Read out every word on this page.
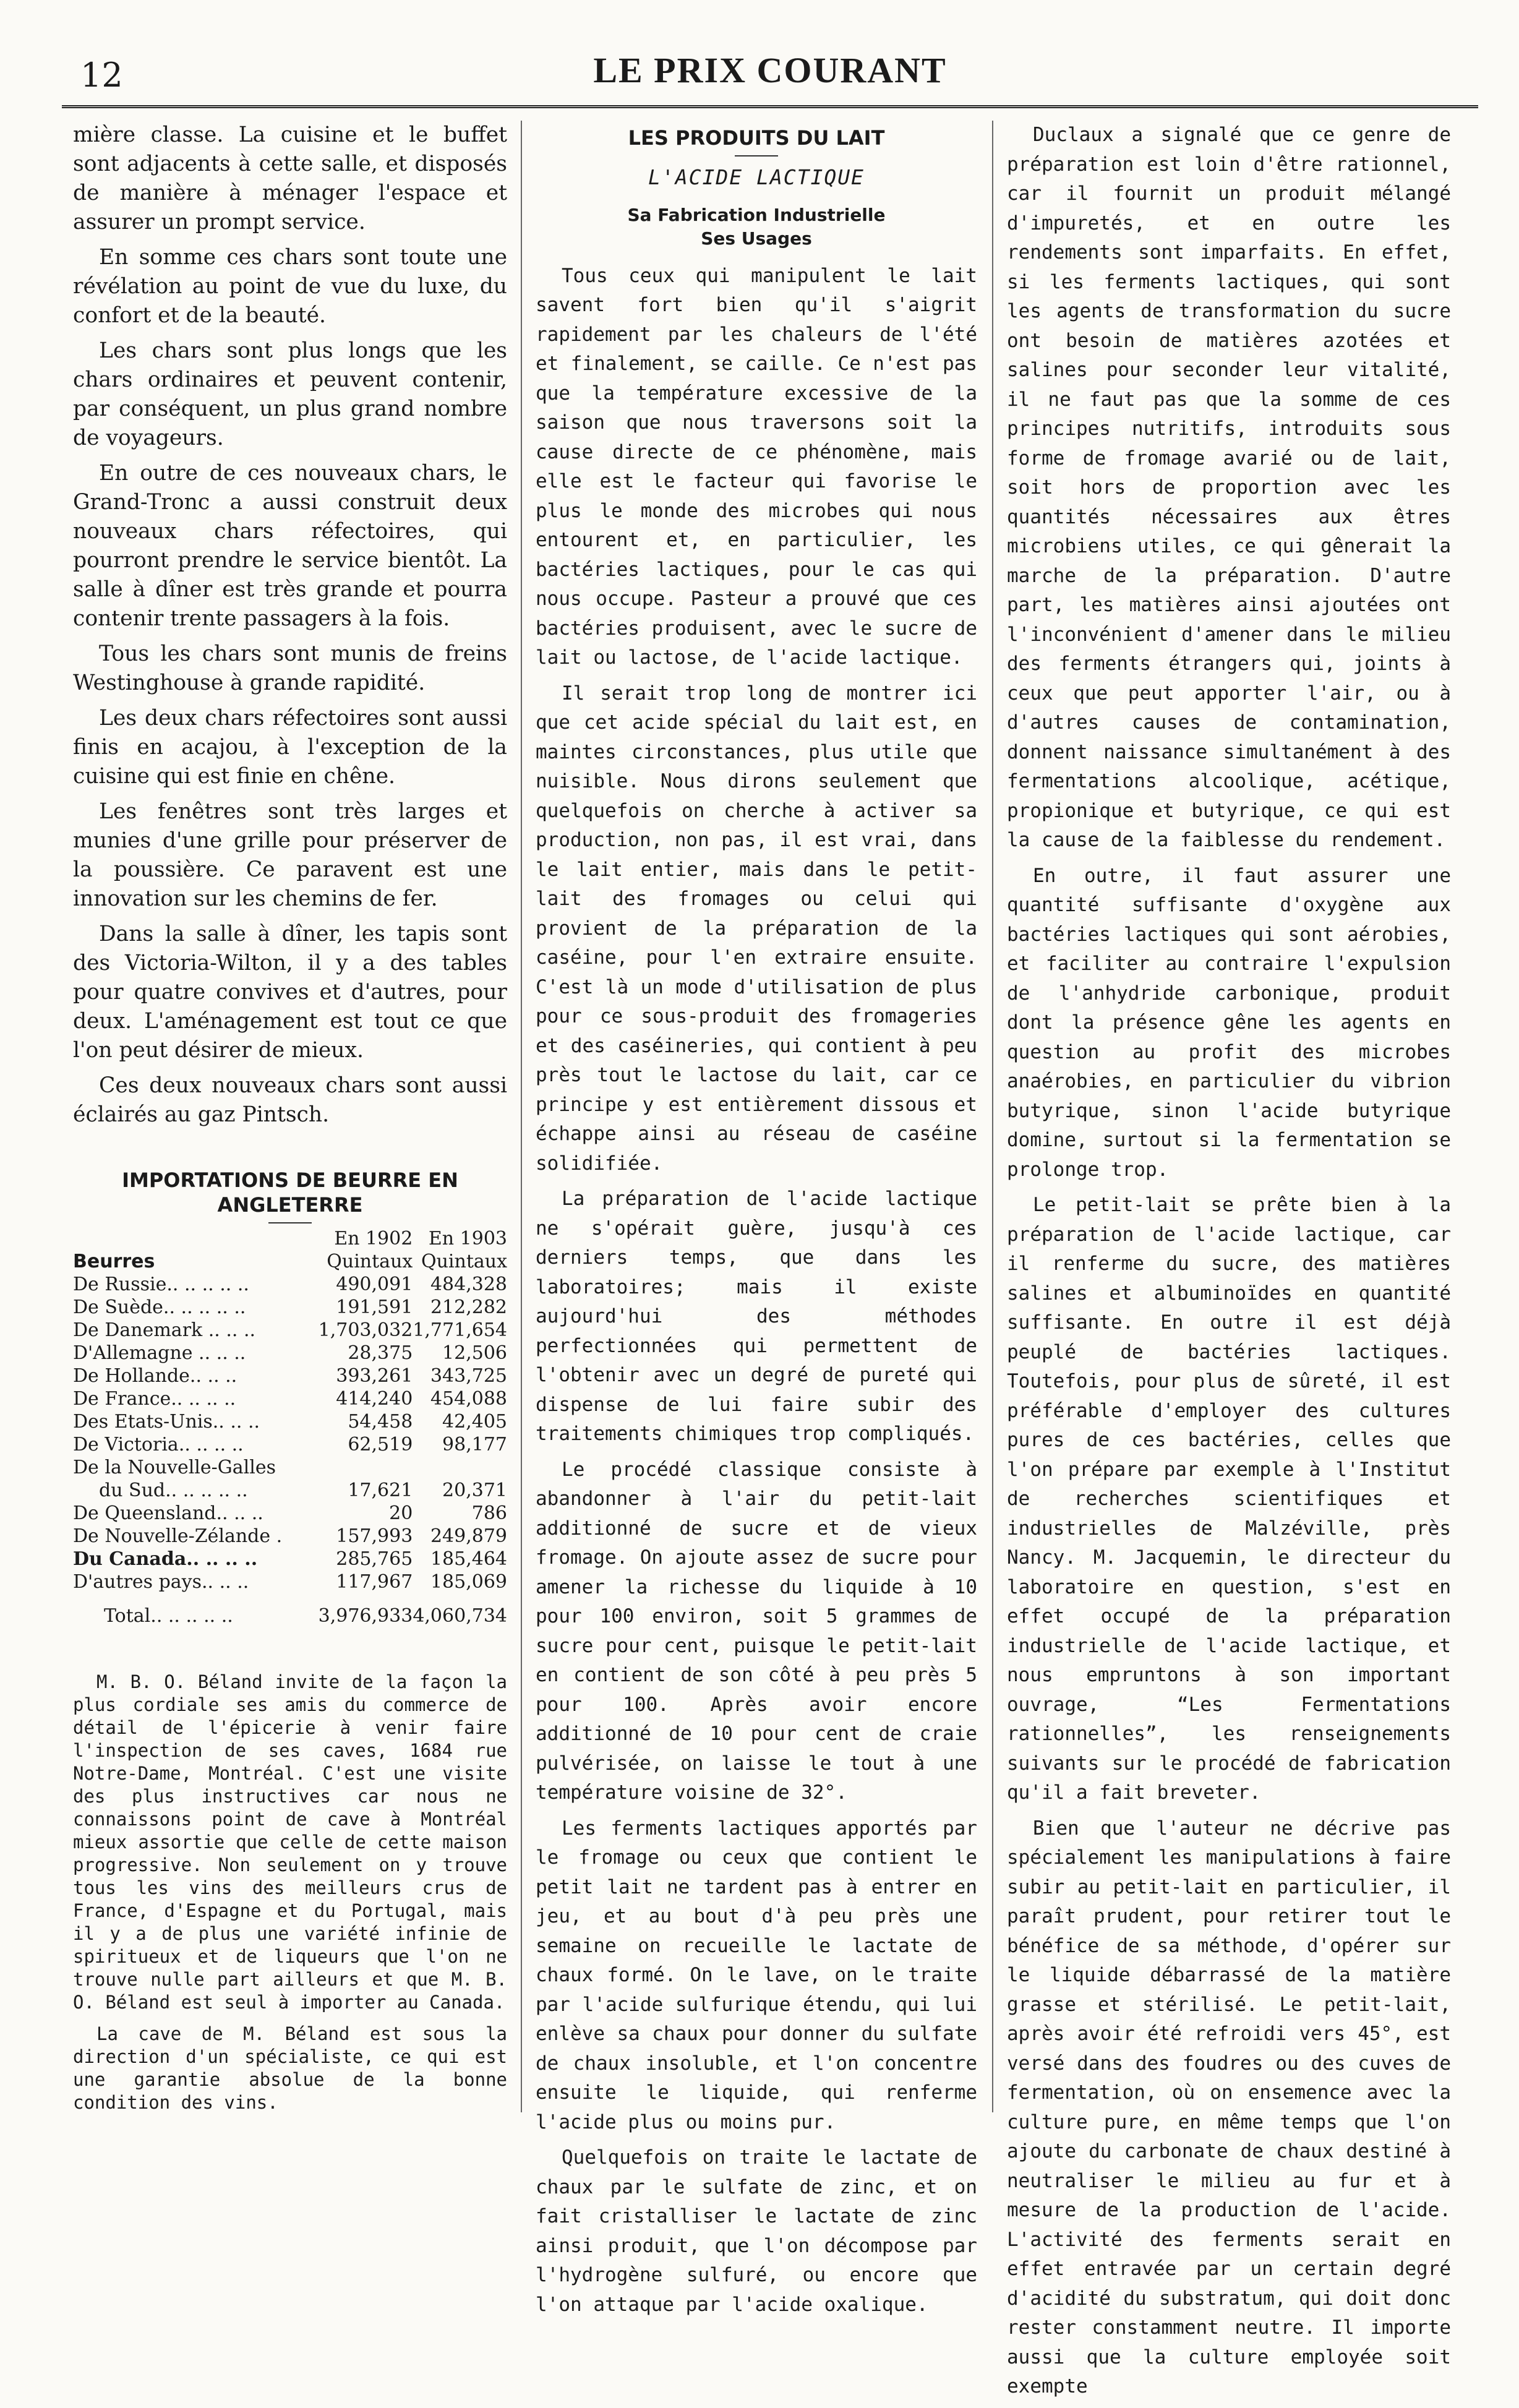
12	LE PRIX COURANT

mière classe. La cuisine et le buffet sont adjacents à cette salle, et disposés de manière à ménager l'espace et assurer un prompt service.

En somme ces chars sont toute une révélation au point de vue du luxe, du confort et de la beauté.

Les chars sont plus longs que les chars ordinaires et peuvent contenir, par conséquent, un plus grand nombre de voyageurs.

En outre de ces nouveaux chars, le Grand-Tronc a aussi construit deux nouveaux chars réfectoires, qui pourront prendre le service bientôt. La salle à dîner est très grande et pourra contenir trente passagers à la fois.

Tous les chars sont munis de freins Westinghouse à grande rapidité.

Les deux chars réfectoires sont aussi finis en acajou, à l'exception de la cuisine qui est finie en chêne.

Les fenêtres sont très larges et munies d'une grille pour préserver de la poussière. Ce paravent est une innovation sur les chemins de fer.

Dans la salle à dîner, les tapis sont des Victoria-Wilton, il y a des tables pour quatre convives et d'autres, pour deux. L'aménagement est tout ce que l'on peut désirer de mieux.

Ces deux nouveaux chars sont aussi éclairés au gaz Pintsch.

IMPORTATIONS DE BEURRE EN ANGLETERRE
Beurres	En 1902 Quintaux	En 1903 Quintaux
De Russie.. .. .. .. ..	490,091	484,328
De Suède.. .. .. .. ..	191,591	212,282
De Danemark .. .. ..	1,703,032	1,771,654
D'Allemagne .. .. ..	28,375	12,506
De Hollande.. .. ..	393,261	343,725
De France.. .. .. ..	414,240	454,088
Des Etats-Unis.. .. ..	54,458	42,405
De Victoria.. .. .. ..	62,519	98,177
De la Nouvelle-Galles		
du Sud.. .. .. .. ..	17,621	20,371
De Queensland.. .. ..	20	786
De Nouvelle-Zélande .	157,993	249,879
Du Canada.. .. .. ..	285,765	185,464
D'autres pays.. .. ..	117,967	185,069
Total.. .. .. .. ..	3,976,933	4,060,734

M. B. O. Béland invite de la façon la plus cordiale ses amis du commerce de détail de l'épicerie à venir faire l'inspection de ses caves, 1684 rue Notre-Dame, Montréal. C'est une visite des plus instructives car nous ne connaissons point de cave à Montréal mieux assortie que celle de cette maison progressive. Non seulement on y trouve tous les vins des meilleurs crus de France, d'Espagne et du Portugal, mais il y a de plus une variété infinie de spiritueux et de liqueurs que l'on ne trouve nulle part ailleurs et que M. B. O. Béland est seul à importer au Canada.

La cave de M. Béland est sous la direction d'un spécialiste, ce qui est une garantie absolue de la bonne condition des vins.

LES PRODUITS DU LAIT
L'ACIDE LACTIQUE
Sa Fabrication Industrielle
Ses Usages

Tous ceux qui manipulent le lait savent fort bien qu'il s'aigrit rapidement par les chaleurs de l'été et finalement, se caille. Ce n'est pas que la température excessive de la saison que nous traversons soit la cause directe de ce phénomène, mais elle est le facteur qui favorise le plus le monde des microbes qui nous entourent et, en particulier, les bactéries lactiques, pour le cas qui nous occupe. Pasteur a prouvé que ces bactéries produisent, avec le sucre de lait ou lactose, de l'acide lactique.

Il serait trop long de montrer ici que cet acide spécial du lait est, en maintes circonstances, plus utile que nuisible. Nous dirons seulement que quelquefois on cherche à activer sa production, non pas, il est vrai, dans le lait entier, mais dans le petit-lait des fromages ou celui qui provient de la préparation de la caséine, pour l'en extraire ensuite. C'est là un mode d'utilisation de plus pour ce sous-produit des fromageries et des caséineries, qui contient à peu près tout le lactose du lait, car ce principe y est entièrement dissous et échappe ainsi au réseau de caséine solidifiée.

La préparation de l'acide lactique ne s'opérait guère, jusqu'à ces derniers temps, que dans les laboratoires; mais il existe aujourd'hui des méthodes perfectionnées qui permettent de l'obtenir avec un degré de pureté qui dispense de lui faire subir des traitements chimiques trop compliqués.

Le procédé classique consiste à abandonner à l'air du petit-lait additionné de sucre et de vieux fromage. On ajoute assez de sucre pour amener la richesse du liquide à 10 pour 100 environ, soit 5 grammes de sucre pour cent, puisque le petit-lait en contient de son côté à peu près 5 pour 100. Après avoir encore additionné de 10 pour cent de craie pulvérisée, on laisse le tout à une température voisine de 32°.

Les ferments lactiques apportés par le fromage ou ceux que contient le petit lait ne tardent pas à entrer en jeu, et au bout d'à peu près une semaine on recueille le lactate de chaux formé. On le lave, on le traite par l'acide sulfurique étendu, qui lui enlève sa chaux pour donner du sulfate de chaux insoluble, et l'on concentre ensuite le liquide, qui renferme l'acide plus ou moins pur.

Quelquefois on traite le lactate de chaux par le sulfate de zinc, et on fait cristalliser le lactate de zinc ainsi produit, que l'on décompose par l'hydrogène sulfuré, ou encore que l'on attaque par l'acide oxalique.

Duclaux a signalé que ce genre de préparation est loin d'être rationnel, car il fournit un produit mélangé d'impuretés, et en outre les rendements sont imparfaits. En effet, si les ferments lactiques, qui sont les agents de transformation du sucre ont besoin de matières azotées et salines pour seconder leur vitalité, il ne faut pas que la somme de ces principes nutritifs, introduits sous forme de fromage avarié ou de lait, soit hors de proportion avec les quantités nécessaires aux êtres microbiens utiles, ce qui gênerait la marche de la préparation. D'autre part, les matières ainsi ajoutées ont l'inconvénient d'amener dans le milieu des ferments étrangers qui, joints à ceux que peut apporter l'air, ou à d'autres causes de contamination, donnent naissance simultanément à des fermentations alcoolique, acétique, propionique et butyrique, ce qui est la cause de la faiblesse du rendement.

En outre, il faut assurer une quantité suffisante d'oxygène aux bactéries lactiques qui sont aérobies, et faciliter au contraire l'expulsion de l'anhydride carbonique, produit dont la présence gêne les agents en question au profit des microbes anaérobies, en particulier du vibrion butyrique, sinon l'acide butyrique domine, surtout si la fermentation se prolonge trop.

Le petit-lait se prête bien à la préparation de l'acide lactique, car il renferme du sucre, des matières salines et albuminoïdes en quantité suffisante. En outre il est déjà peuplé de bactéries lactiques. Toutefois, pour plus de sûreté, il est préférable d'employer des cultures pures de ces bactéries, celles que l'on prépare par exemple à l'Institut de recherches scientifiques et industrielles de Malzéville, près Nancy. M. Jacquemin, le directeur du laboratoire en question, s'est en effet occupé de la préparation industrielle de l'acide lactique, et nous empruntons à son important ouvrage, “Les Fermentations rationnelles”, les renseignements suivants sur le procédé de fabrication qu'il a fait breveter.

Bien que l'auteur ne décrive pas spécialement les manipulations à faire subir au petit-lait en particulier, il paraît prudent, pour retirer tout le bénéfice de sa méthode, d'opérer sur le liquide débarrassé de la matière grasse et stérilisé. Le petit-lait, après avoir été refroidi vers 45°, est versé dans des foudres ou des cuves de fermentation, où on ensemence avec la culture pure, en même temps que l'on ajoute du carbonate de chaux destiné à neutraliser le milieu au fur et à mesure de la production de l'acide. L'activité des ferments serait en effet entravée par un certain degré d'acidité du substratum, qui doit donc rester constamment neutre. Il importe aussi que la culture employée soit exempte
